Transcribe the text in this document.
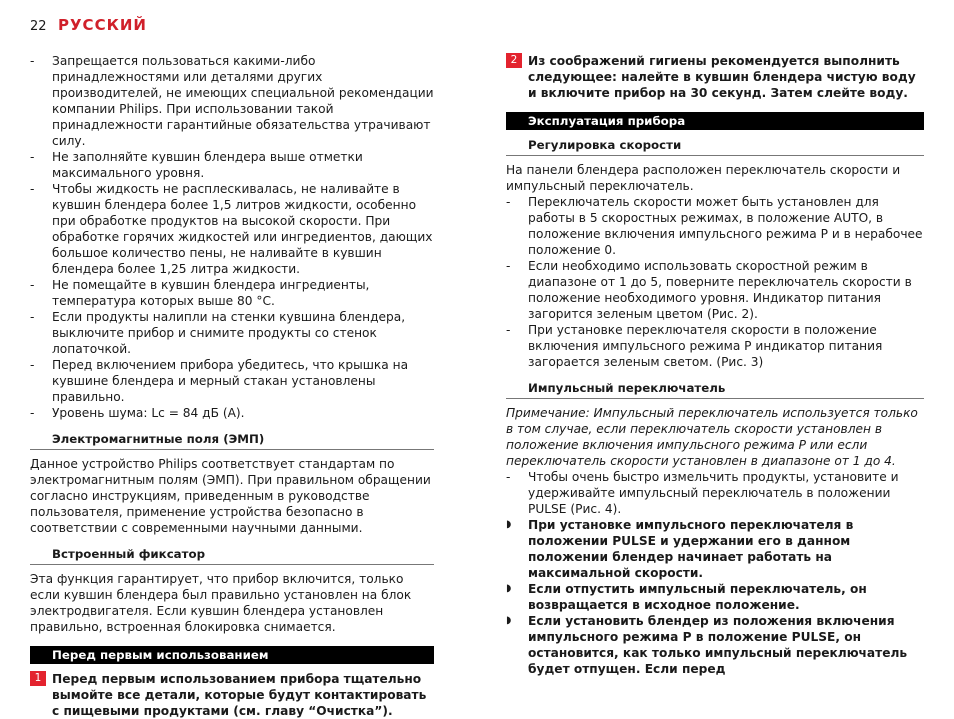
22 РУССКИЙ
- Запрещается пользоваться какими-либо принадлежностями или деталями других производителей, не имеющих специальной рекомендации компании Philips. При использовании такой принадлежности гарантийные обязательства утрачивают силу.
- Не заполняйте кувшин блендера выше отметки максимального уровня.
- Чтобы жидкость не расплескивалась, не наливайте в кувшин блендера более 1,5 литров жидкости, особенно при обработке продуктов на высокой скорости. При обработке горячих жидкостей или ингредиентов, дающих большое количество пены, не наливайте в кувшин блендера более 1,25 литра жидкости.
- Не помещайте в кувшин блендера ингредиенты, температура которых выше 80 °C.
- Если продукты налипли на стенки кувшина блендера, выключите прибор и снимите продукты со стенок лопаточкой.
- Перед включением прибора убедитесь, что крышка на кувшине блендера и мерный стакан установлены правильно.
- Уровень шума: Lc = 84 дБ (A).
Электромагнитные поля (ЭМП)
Данное устройство Philips соответствует стандартам по электромагнитным полям (ЭМП). При правильном обращении согласно инструкциям, приведенным в руководстве пользователя, применение устройства безопасно в соответствии с современными научными данными.
Встроенный фиксатор
Эта функция гарантирует, что прибор включится, только если кувшин блендера был правильно установлен на блок электродвигателя. Если кувшин блендера установлен правильно, встроенная блокировка снимается.
Перед первым использованием
1 Перед первым использованием прибора тщательно вымойте все детали, которые будут контактировать с пищевыми продуктами (см. главу “Очистка”).
2 Из соображений гигиены рекомендуется выполнить следующее: налейте в кувшин блендера чистую воду и включите прибор на 30 секунд. Затем слейте воду.
Эксплуатация прибора
Регулировка скорости
На панели блендера расположен переключатель скорости и импульсный переключатель.
- Переключатель скорости может быть установлен для работы в 5 скоростных режимах, в положение AUTO, в положение включения импульсного режима P и в нерабочее положение 0.
- Если необходимо использовать скоростной режим в диапазоне от 1 до 5, поверните переключатель скорости в положение необходимого уровня. Индикатор питания загорится зеленым цветом (Рис. 2).
- При установке переключателя скорости в положение включения импульсного режима P индикатор питания загорается зеленым светом. (Рис. 3)
Импульсный переключатель
Примечание: Импульсный переключатель используется только в том случае, если переключатель скорости установлен в положение включения импульсного режима P или если переключатель скорости установлен в диапазоне от 1 до 4.
- Чтобы очень быстро измельчить продукты, установите и удерживайте импульсный переключатель в положении PULSE (Рис. 4).
◗ При установке импульсного переключателя в положении PULSE и удержании его в данном положении блендер начинает работать на максимальной скорости.
◗ Если отпустить импульсный переключатель, он возвращается в исходное положение.
◗ Если установить блендер из положения включения импульсного режима P в положение PULSE, он остановится, как только импульсный переключатель будет отпущен. Если перед
